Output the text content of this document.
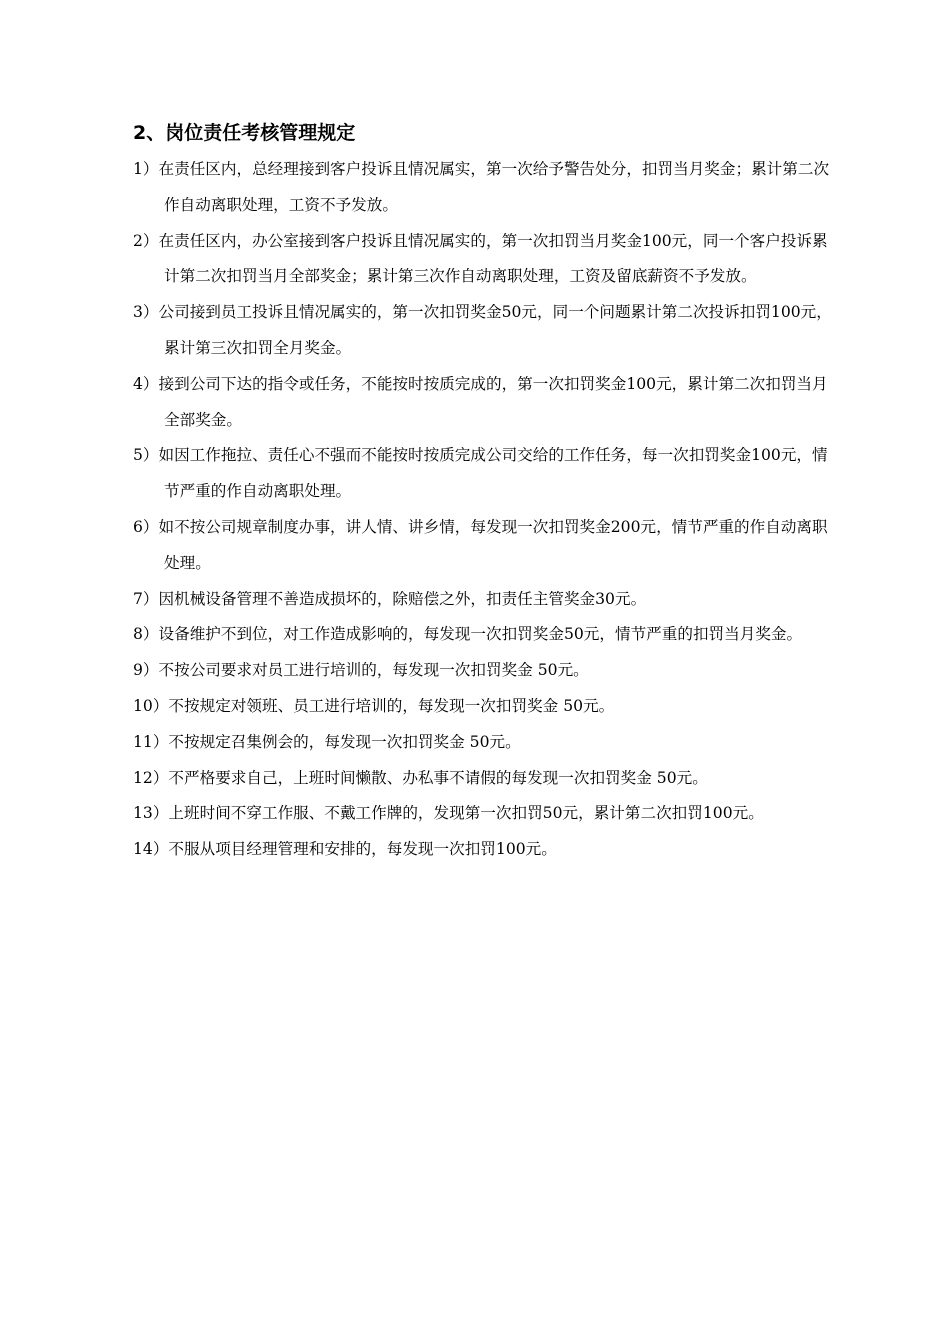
2、岗位责任考核管理规定

1）在责任区内，总经理接到客户投诉且情况属实，第一次给予警告处分，扣罚当月奖金；累计第二次作自动离职处理，工资不予发放。

2）在责任区内，办公室接到客户投诉且情况属实的，第一次扣罚当月奖金100元，同一个客户投诉累计第二次扣罚当月全部奖金；累计第三次作自动离职处理，工资及留底薪资不予发放。

3）公司接到员工投诉且情况属实的，第一次扣罚奖金50元，同一个问题累计第二次投诉扣罚100元，累计第三次扣罚全月奖金。

4）接到公司下达的指令或任务，不能按时按质完成的，第一次扣罚奖金100元，累计第二次扣罚当月全部奖金。

5）如因工作拖拉、责任心不强而不能按时按质完成公司交给的工作任务，每一次扣罚奖金100元，情节严重的作自动离职处理。

6）如不按公司规章制度办事，讲人情、讲乡情，每发现一次扣罚奖金200元，情节严重的作自动离职处理。

7）因机械设备管理不善造成损坏的，除赔偿之外，扣责任主管奖金30元。

8）设备维护不到位，对工作造成影响的，每发现一次扣罚奖金50元，情节严重的扣罚当月奖金。

9）不按公司要求对员工进行培训的，每发现一次扣罚奖金 50元。

10）不按规定对领班、员工进行培训的，每发现一次扣罚奖金 50元。

11）不按规定召集例会的，每发现一次扣罚奖金 50元。

12）不严格要求自己，上班时间懒散、办私事不请假的每发现一次扣罚奖金 50元。

13）上班时间不穿工作服、不戴工作牌的，发现第一次扣罚50元，累计第二次扣罚100元。

14）不服从项目经理管理和安排的，每发现一次扣罚100元。
